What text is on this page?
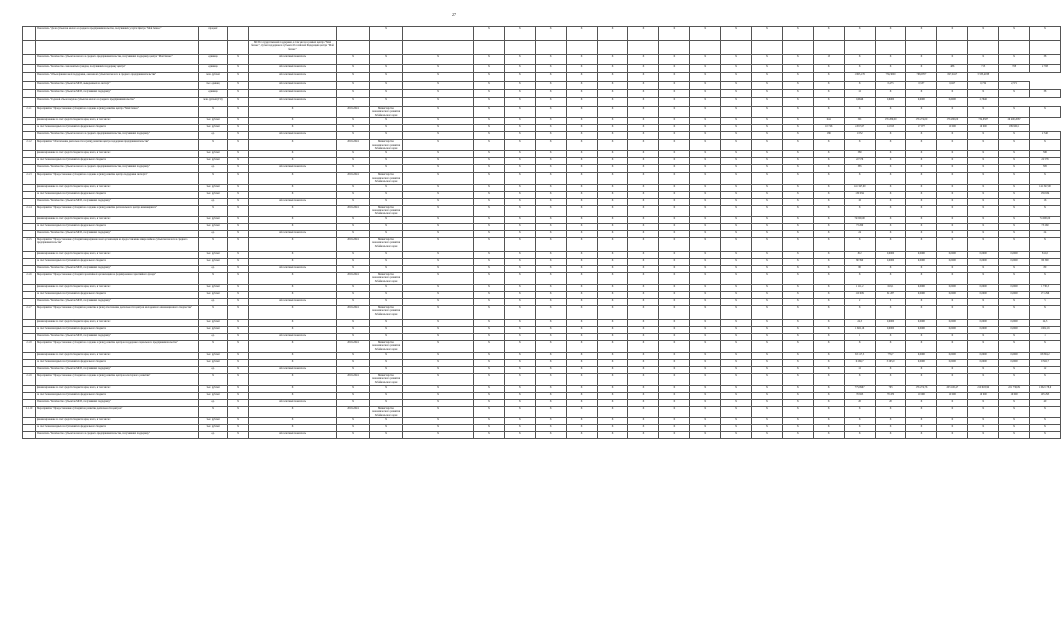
27
	Показатель "Доля субъектов малого и среднего предпринимательства, получивших услуги Центра "Мой бизнес"	процент				Х		Х	Х	Х	Х	Х	Х	Х	Х	Х	Х	Х	Х	Х	Х	Х	Х	Х	Х	Х
				МСП государственной поддержки, в том числе в рамках центра "Мой бизнес", путем поддержки в субъекте Российской Федерации центра "Мой бизнес"																						
	Показатель "Количество субъектов малого и среднего предпринимательства, получивших поддержку центра "Мой бизнес"	единица	Х	Абсолютный показатель	Х	Х	Х	Х	Х	Х	Х	Х	Х	Х	Х	Х	Х	Х	15	Х	Х	Х	Х	Х	Х	38
	Показатель "Количество самозанятых граждан, получивших поддержку центра"	единица	Х	Абсолютный показатель	Х	Х	Х	Х	Х	Х	Х	Х	Х	Х	Х	Х	Х	Х	Х	Х	Х	Х	486	713	708	2 708
	Показатель "Объем финансовой поддержки, оказанной субъектам малого и среднего предпринимательства"	млн. рублей	Х	Абсолютный показатель	Х	Х	Х	Х	Х	Х	Х	Х	Х	Х	Х	Х	Х	Х	Х	1 865,176	756,3000	768,9707	827,9417	3 333,4038		
	Показатель "Количество субъектов МСП, выведенных на экспорт"	тыс. единиц	Х	Абсолютный показатель	Х	Х	Х	Х	Х	Х	Х	Х	Х	Х	Х	Х	Х	Х	Х	Х	0,473	0,537	0,627	0,734	2,371	
	Показатель "Количество субъектов МСП, получивших поддержку"	единица	Х	Абсолютный показатель	Х	Х	Х	Х	Х	Х	Х	Х	Х	Х	Х	Х	Х	Х	Х	12	Х	Х	Х	Х	Х	38
	Показатель "Годовой объем закупок субъектов малого и среднего предпринимательства"	млн. рублей (ГО)	Х	Абсолютный показатель	Х	Х	Х	Х	Х	Х	Х	Х	Х	Х	Х	Х	Х	Х	Х	0,9646	0,6000	0,6000	0,6000	2,7646		
2.1.1	Мероприятие "Предоставление субсидий на создание и (или) развитие центра "Мой бизнес"	Х	Х	Х	2019-2024	Министерство экономического развития Забайкальского края	Х	Х	Х	Х	Х	Х	Х	Х	Х	Х	Х	Х	Х	Х	Х	Х	Х	Х	Х	Х
	финансирование за счет средств бюджета края, всего, в том числе:	тыс. рублей	Х	Х	Х	Х	Х	Х	Х	Х	Х	Х	Х	Х	Х	Х	Х	Х	644	591	176 280,00	176 274,00	176 280,00	734,6587	29 400,2087	
	за счет безвозмездных поступлений из федерального бюджета	тыс. рублей	Х	Х	Х	Х	Х	Х	Х	Х	Х	Х	Х	Х	Х	Х	Х	Х	10 726	4 657,67	14 813	17 077	10 000	10 000	189 900,1	
	Показатель "Количество субъектов малого и среднего предпринимательства, получивших поддержку"	ед.	Х	Абсолютный показатель	Х	Х	Х	Х	Х	Х	Х	Х	Х	Х	Х	Х	Х	Х	186	1 052	Х	Х	Х	Х	Х	2 540
2.1.2	Мероприятие "Обеспечение деятельности и (или) развития центра поддержки предпринимательства"	Х	Х	Х	2019-2024	Министерство экономического развития Забайкальского края	Х	Х	Х	Х	Х	Х	Х	Х	Х	Х	Х	Х	Х	Х	Х	Х	Х	Х	Х	Х
	финансирование за счет средств бюджета края, всего, в том числе:	тыс. рублей	Х	Х	Х	Х	Х	Х	Х	Х	Х	Х	Х	Х	Х	Х	Х	Х	Х	580	Х	Х	Х	Х	Х	580
	за счет безвозмездных поступлений из федерального бюджета	тыс. рублей	Х	Х	Х	Х	Х	Х	Х	Х	Х	Х	Х	Х	Х	Х	Х	Х	Х	22 576	Х	Х	Х	Х	Х	22 576
	Показатель "Количество субъектов малого и среднего предпринимательства, получивших поддержку"	ед.	Х	Абсолютный показатель	Х	Х	Х	Х	Х	Х	Х	Х	Х	Х	Х	Х	Х	Х	Х	385	Х	Х	Х	Х	Х	385
2.1.3	Мероприятие "Предоставление субсидий на создание и (или) развитие центра поддержки экспорта"	Х	Х	Х	2019-2024	Министерство экономического развития Забайкальского края	Х	Х	Х	Х	Х	Х	Х	Х	Х	Х	Х	Х	Х	Х	Х	Х	Х	Х	Х	Х
	финансирование за счет средств бюджета края, всего, в том числе:	тыс. рублей	Х	Х	Х	Х	Х	Х	Х	Х	Х	Х	Х	Х	Х	Х	Х	Х	Х	141 347,00	Х	Х	Х	Х	Х	141 347,00
	за счет безвозмездных поступлений из федерального бюджета	тыс. рублей	Х	Х	Х	Х	Х	Х	Х	Х	Х	Х	Х	Х	Х	Х	Х	Х	Х	139 934	Х	Х	Х	Х	Х	139 934
	Показатель "Количество субъектов МСП, получивших поддержку"	ед.	Х	Абсолютный показатель	Х	Х	Х	Х	Х	Х	Х	Х	Х	Х	Х	Х	Х	Х	Х	16	Х	Х	Х	Х	Х	16
2.1.4	Мероприятие "Предоставление субсидий на создание и (или) развитие регионального центра инжиниринга"	Х	Х	Х	2019-2024	Министерство экономического развития Забайкальского края	Х	Х	Х	Х	Х	Х	Х	Х	Х	Х	Х	Х	Х	Х	Х	Х	Х	Х	Х	Х
	финансирование за счет средств бюджета края, всего, в том числе:	тыс. рублей	Х	Х	Х	Х	Х	Х	Х	Х	Х	Х	Х	Х	Х	Х	Х	Х	Х	74 000,00	Х	Х	Х	Х	Х	74 000,00
	за счет безвозмездных поступлений из федерального бюджета	тыс. рублей	Х	Х	Х	Х	Х	Х	Х	Х	Х	Х	Х	Х	Х	Х	Х	Х	Х	73 260	Х	Х	Х	Х	Х	73 260
	Показатель "Количество субъектов МСП, получивших поддержку"	ед.	Х	Абсолютный показатель	Х	Х	Х	Х	Х	Х	Х	Х	Х	Х	Х	Х	Х	Х	Х	24	Х	Х	Х	Х	Х	24
2.1.5	Мероприятие "Предоставление субсидий микрофинансовой организации на предоставление микрозаймов субъектам малого и среднего предпринимательства"	Х	Х	Х	2019-2024	Министерство экономического развития Забайкальского края	Х	Х	Х	Х	Х	Х	Х	Х	Х	Х	Х	Х	Х	Х	Х	Х	Х	Х	Х	Х
	финансирование за счет средств бюджета края, всего, в том числе:	тыс. рублей	Х	Х	Х	Х	Х	Х	Х	Х	Х	Х	Х	Х	Х	Х	Х	Х	Х	812	0,0000	0,0000	0,0000	0,0000	0,0000	812,0
	за счет безвозмездных поступлений из федерального бюджета	тыс. рублей	Х	Х	Х	Х	Х	Х	Х	Х	Х	Х	Х	Х	Х	Х	Х	Х	Х	80 390	0,0000	0,0000	0,0000	0,0000	0,0000	80 390
	Показатель "Количество субъектов МСП, получивших поддержку"	ед.	Х	Абсолютный показатель	Х	Х	Х	Х	Х	Х	Х	Х	Х	Х	Х	Х	Х	Х	Х	80	Х	Х	Х	Х	Х	80
2.1.6	Мероприятие "Предоставление субсидий гарантийной организации на формирование гарантийного фонда"	Х	Х	Х	2019-2024	Министерство экономического развития Забайкальского края	Х	Х	Х	Х	Х	Х	Х	Х	Х	Х	Х	Х	Х	Х	Х	Х	Х	Х	Х	Х
	финансирование за счет средств бюджета края, всего, в том числе:	тыс. рублей	Х	Х	Х	Х	Х	Х	Х	Х	Х	Х	Х	Х	Х	Х	Х	Х	Х	1 111,2	619,1	0,0000	0,0000	0,0000	0,0000	1 730,3
	за счет безвозмездных поступлений из федерального бюджета	тыс. рублей	Х	Х	Х	Х	Х	Х	Х	Х	Х	Х	Х	Х	Х	Х	Х	Х	Х	110 009	61 287	0,0000	0,0000	0,0000	0,0000	171 296
	Показатель "Количество субъектов МСП, получивших поддержку"	ед.	Х	Абсолютный показатель	Х	Х	Х	Х	Х	Х	Х	Х	Х	Х	Х	Х	Х	Х	Х	2	3	Х	Х	Х	Х	5
2.1.7	Мероприятие "Предоставление субсидий на развитие и (или) обеспечение деятельности центров молодежного инновационного творчества"	Х	Х	Х	2019-2024	Министерство экономического развития Забайкальского края	Х	Х	Х	Х	Х	Х	Х	Х	Х	Х	Х	Х	Х	Х	Х	Х	Х	Х	Х	Х
	финансирование за счет средств бюджета края, всего, в том числе:	тыс. рублей	Х	Х	Х	Х	Х	Х	Х	Х	Х	Х	Х	Х	Х	Х	Х	Х	Х	24,3	0,0000	0,0000	0,0000	0,0000	0,0000	24,3
	за счет безвозмездных поступлений из федерального бюджета	тыс. рублей	Х	Х	Х	Х	Х	Х	Х	Х	Х	Х	Х	Х	Х	Х	Х	Х	Х	1 602,16	0,0000	0,0000	0,0000	0,0000	0,0000	1 602,16
	Показатель "Количество субъектов МСП, получивших поддержку"	ед.	Х	Абсолютный показатель	Х	Х	Х	Х	Х	Х	Х	Х	Х	Х	Х	Х	Х	Х	Х	1	Х	Х	Х	Х	Х	1
2.1.8	Мероприятие "Предоставление субсидий на создание и (или) развитие центров поддержки социального предпринимательства"	Х	Х	Х	2019-2024	Министерство экономического развития Забайкальского края	Х	Х	Х	Х	Х	Х	Х	Х	Х	Х	Х	Х	Х	Х	Х	Х	Х	Х	Х	Х
	финансирование за счет средств бюджета края, всего, в том числе:	тыс. рублей	Х	Х	Х	Х	Х	Х	Х	Х	Х	Х	Х	Х	Х	Х	Х	Х	Х	63 117,5	776,7	0,0000	0,0000	0,0000	0,0000	63 894,2
	за счет безвозмездных поступлений из федерального бюджета	тыс. рублей	Х	Х	Х	Х	Х	Х	Х	Х	Х	Х	Х	Х	Х	Х	Х	Х	Х	6 269,7	3 293,0	0,0000	0,0000	0,0000	0,0000	9 562,7
	Показатель "Количество субъектов МСП, получивших поддержку"	ед.	Х	Абсолютный показатель	Х	Х	Х	Х	Х	Х	Х	Х	Х	Х	Х	Х	Х	Х	Х	12	Х	Х	Х	Х	Х	12
2.1.9	Мероприятие "Предоставление субсидий на создание и (или) развитие центров кластерного развития"	Х	Х	Х	2019-2024	Министерство экономического развития Забайкальского края	Х	Х	Х	Х	Х	Х	Х	Х	Х	Х	Х	Х	Х	Х	Х	Х	Х	Х	Х	Х
	финансирование за счет средств бюджета края, всего, в том числе:	тыс. рублей	Х	Х	Х	Х	Х	Х	Х	Х	Х	Х	Х	Х	Х	Х	Х	Х	Х	775,9967	793	176 274,76	203 100,47	219 603,99	221 738,09	1 062 178,9
	за счет безвозмездных поступлений из федерального бюджета	тыс. рублей	Х	Х	Х	Х	Х	Х	Х	Х	Х	Х	Х	Х	Х	Х	Х	Х	Х	76 823	78 470	10 000	10 000	10 000	10 000	195 293
	Показатель "Количество субъектов МСП, получивших поддержку"	ед.	Х	Абсолютный показатель	Х	Х	Х	Х	Х	Х	Х	Х	Х	Х	Х	Х	Х	Х	Х	20	20	Х	Х	Х	Х	40
2.1.10	Мероприятие "Предоставление субсидий на развитие деятельности центров"	Х	Х	Х	2019-2024	Министерство экономического развития Забайкальского края	Х	Х	Х	Х	Х	Х	Х	Х	Х	Х	Х	Х	Х	Х	Х	Х	Х	Х	Х	Х
	финансирование за счет средств бюджета края, всего, в том числе:	тыс. рублей	Х	Х	Х	Х	Х	Х	Х	Х	Х	Х	Х	Х	Х	Х	Х	Х	Х	Х	Х	Х	Х	Х	Х	Х
	за счет безвозмездных поступлений из федерального бюджета	тыс. рублей	Х	Х	Х	Х	Х	Х	Х	Х	Х	Х	Х	Х	Х	Х	Х	Х	Х	Х	Х	Х	Х	Х	Х	Х
	Показатель "Количество субъектов малого и среднего предпринимательства, получивших поддержку"	ед.	Х	Абсолютный показатель	Х	Х	Х	Х	Х	Х	Х	Х	Х	Х	Х	Х	Х	Х	Х	Х	Х	Х	Х	Х	Х	Х
